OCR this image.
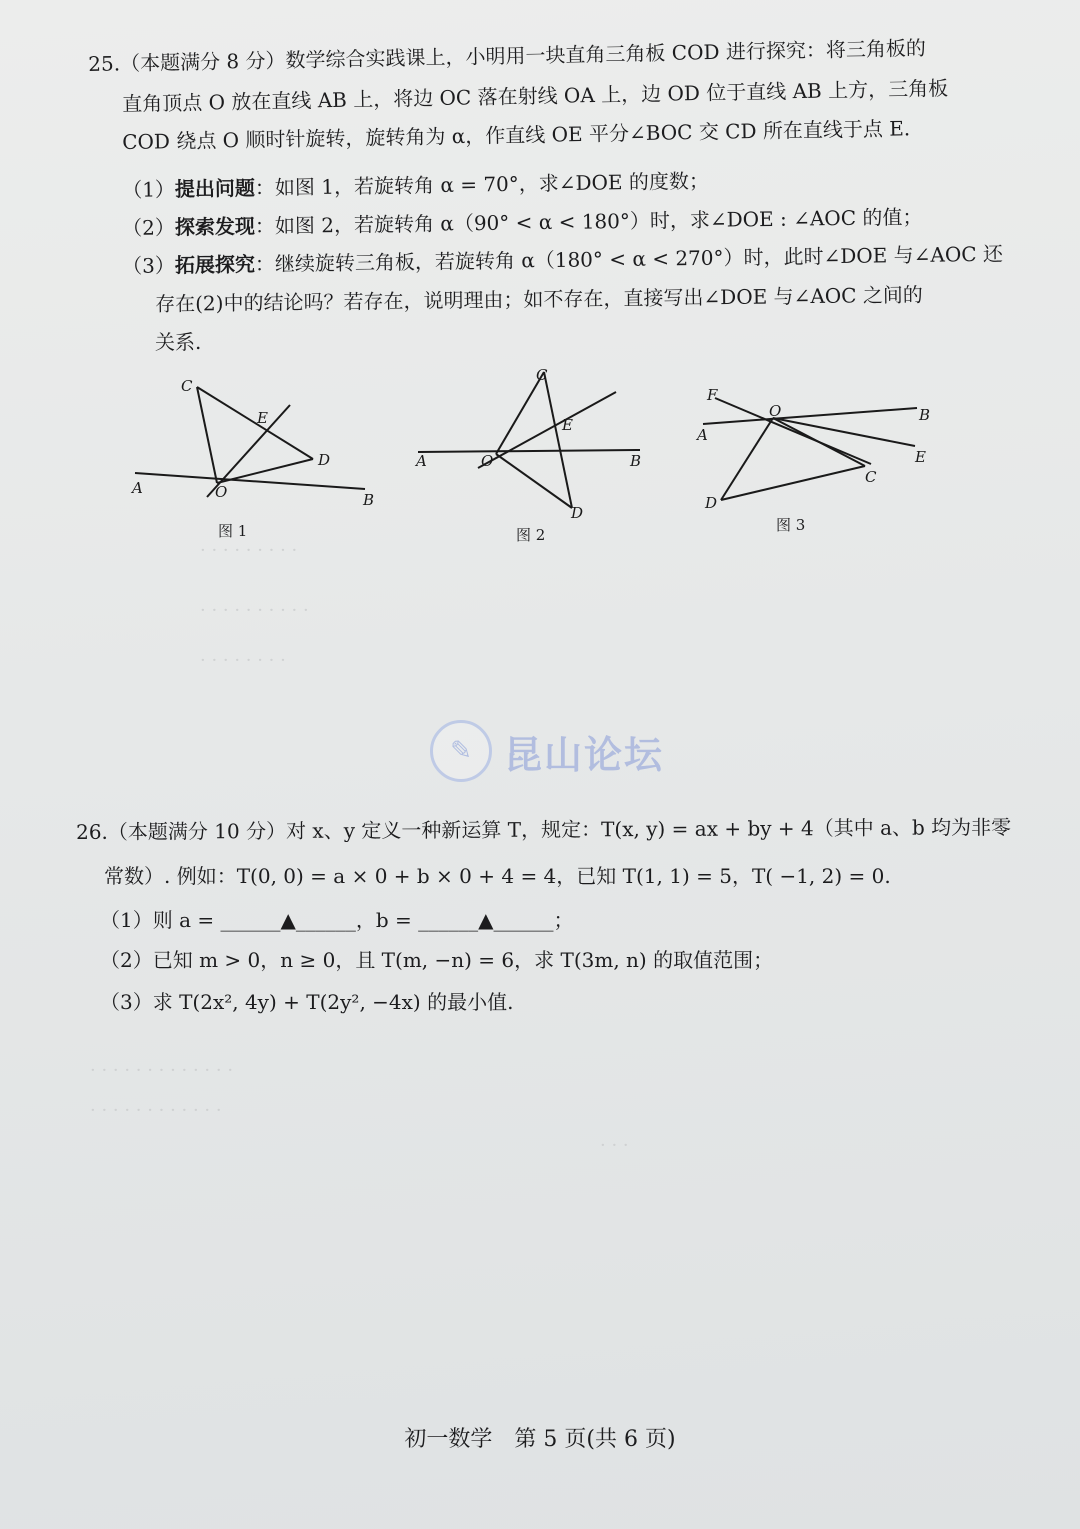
· · · · · · · · ·
· · · · · · · · · ·
· · · · · · · ·
25.（本题满分 8 分）数学综合实践课上，小明用一块直角三角板 COD 进行探究：将三角板的
直角顶点 O 放在直线 AB 上，将边 OC 落在射线 OA 上，边 OD 位于直线 AB 上方，三角板
COD 绕点 O 顺时针旋转，旋转角为 α，作直线 OE 平分∠BOC 交 CD 所在直线于点 E.
（1）提出问题：如图 1，若旋转角 α = 70°，求∠DOE 的度数；
（2）探索发现：如图 2，若旋转角 α（90° < α < 180°）时，求∠DOE : ∠AOC 的值；
（3）拓展探究：继续旋转三角板，若旋转角 α（180° < α < 270°）时，此时∠DOE 与∠AOC 还
存在(2)中的结论吗？若存在，说明理由；如不存在，直接写出∠DOE 与∠AOC 之间的
关系.
C
E
D
A	O	B
图 1
C
E
A	O	B
D
图 2
F
O	B
A
E
C
D
图 3
✎ 昆山论坛
26.（本题满分 10 分）对 x、y 定义一种新运算 T，规定：T(x, y) = ax + by + 4（其中 a、b 均为非零
常数）. 例如：T(0, 0) = a × 0 + b × 0 + 4 = 4，已知 T(1, 1) = 5，T( −1, 2) = 0.
（1）则 a = ______▲______，b = ______▲______；
（2）已知 m > 0，n ≥ 0，且 T(m, −n) = 6，求 T(3m, n) 的取值范围；
（3）求 T(2x², 4y) + T(2y², −4x) 的最小值.
· · · · · · · · · · · · ·
· · · · · · · · · · · ·
· · ·
初一数学　第 5 页(共 6 页)
